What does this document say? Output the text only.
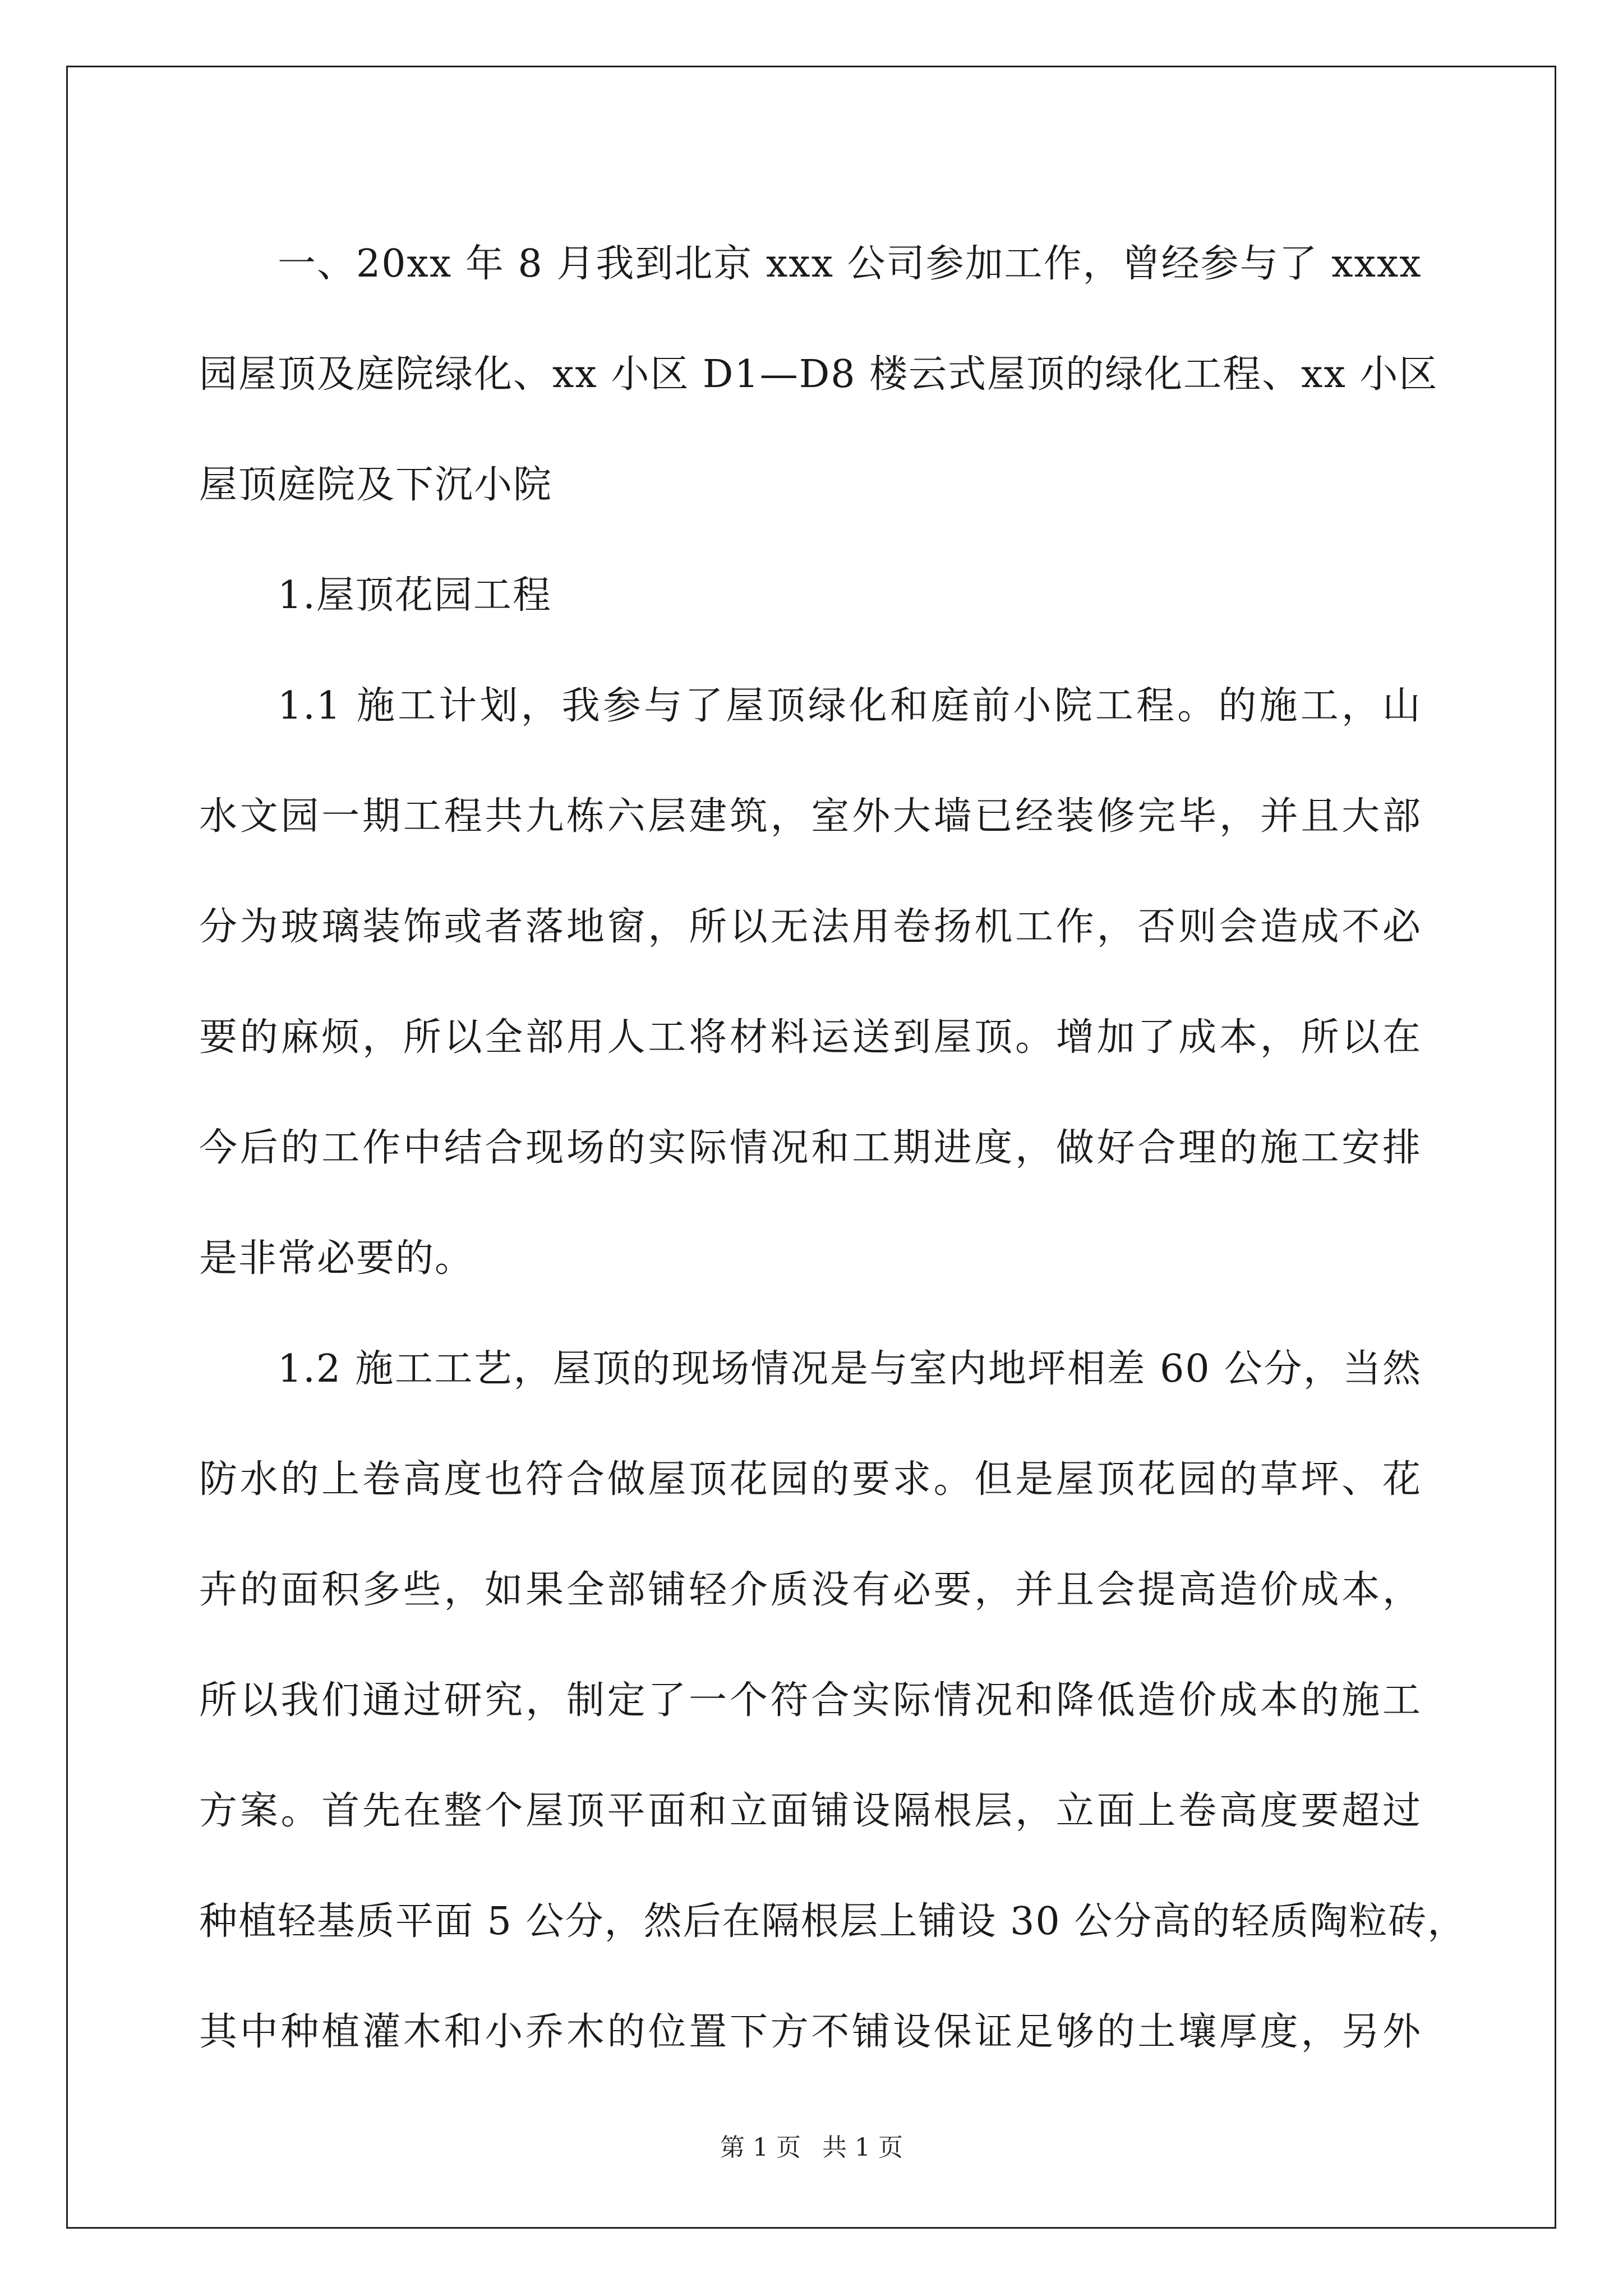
一、20xx 年 8 月我到北京 xxx 公司参加工作，曾经参与了 xxxx
园屋顶及庭院绿化、xx 小区 D1—D8 楼云式屋顶的绿化工程、xx 小区
屋顶庭院及下沉小院
1.屋顶花园工程
1.1 施工计划，我参与了屋顶绿化和庭前小院工程。的施工，山
水文园一期工程共九栋六层建筑，室外大墙已经装修完毕，并且大部
分为玻璃装饰或者落地窗，所以无法用卷扬机工作，否则会造成不必
要的麻烦，所以全部用人工将材料运送到屋顶。增加了成本，所以在
今后的工作中结合现场的实际情况和工期进度，做好合理的施工安排
是非常必要的。
1.2 施工工艺，屋顶的现场情况是与室内地坪相差 60 公分，当然
防水的上卷高度也符合做屋顶花园的要求。但是屋顶花园的草坪、花
卉的面积多些，如果全部铺轻介质没有必要，并且会提高造价成本，
所以我们通过研究，制定了一个符合实际情况和降低造价成本的施工
方案。首先在整个屋顶平面和立面铺设隔根层，立面上卷高度要超过
种植轻基质平面 5 公分，然后在隔根层上铺设 30 公分高的轻质陶粒砖，
其中种植灌木和小乔木的位置下方不铺设保证足够的土壤厚度，另外
第 1 页 共 1 页
